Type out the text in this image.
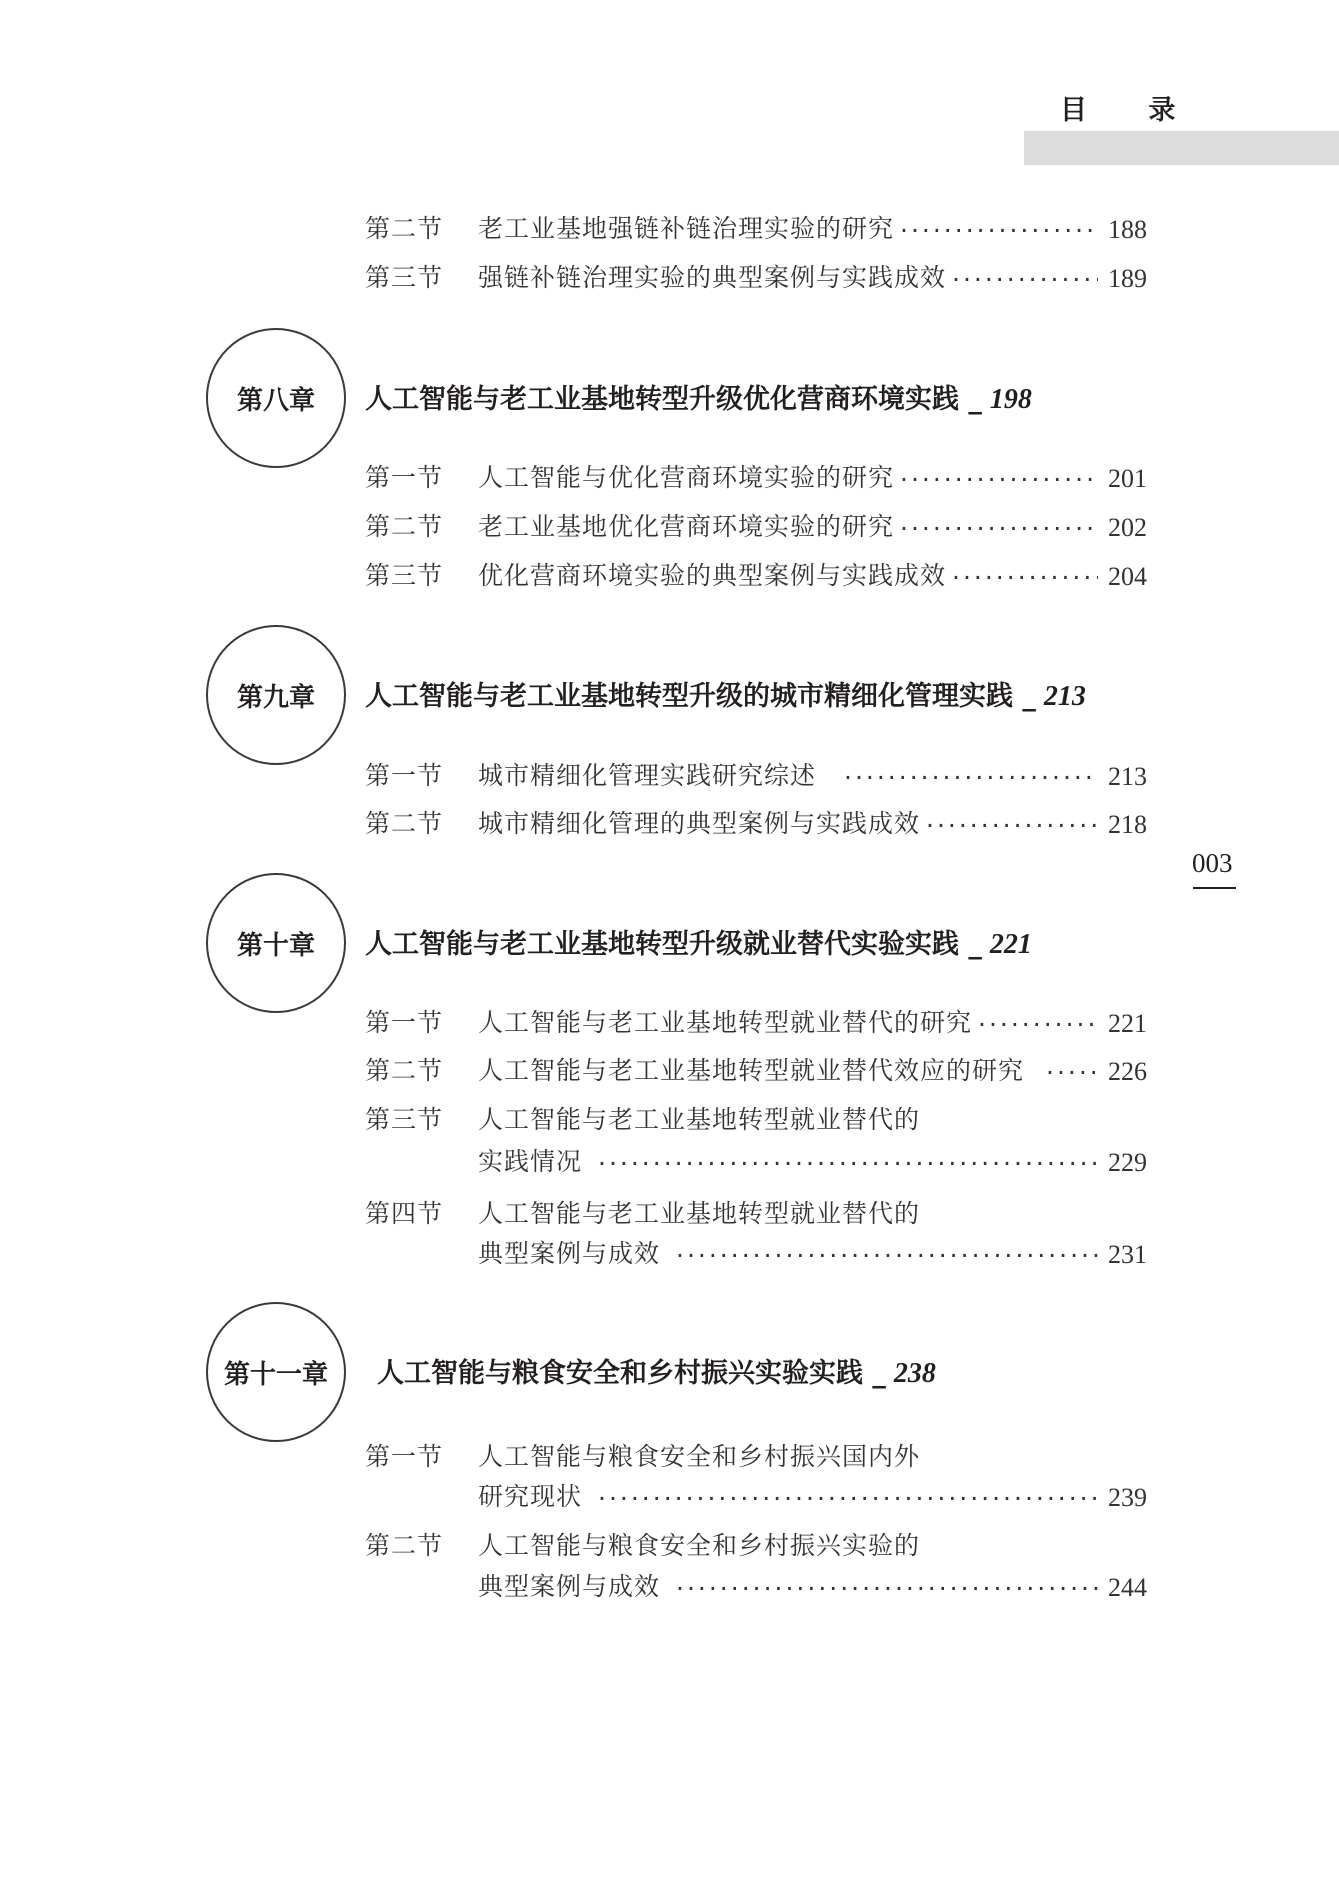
目 录
003
第二节	老工业基地强链补链治理实验的研究 ·····	188
第三节	强链补链治理实验的典型案例与实践成效 ·····	189
第八章	人工智能与老工业基地转型升级优化营商环境实践 _ 198
第一节	人工智能与优化营商环境实验的研究 ·····	201
第二节	老工业基地优化营商环境实验的研究 ·····	202
第三节	优化营商环境实验的典型案例与实践成效 ·····	204
第九章	人工智能与老工业基地转型升级的城市精细化管理实践 _ 213
第一节	城市精细化管理实践研究综述 ·····	213
第二节	城市精细化管理的典型案例与实践成效 ·····	218
第十章	人工智能与老工业基地转型升级就业替代实验实践 _ 221
第一节	人工智能与老工业基地转型就业替代的研究 ·····	221
第二节	人工智能与老工业基地转型就业替代效应的研究 ·····	226
第三节	人工智能与老工业基地转型就业替代的
实践情况 ·····	229
第四节	人工智能与老工业基地转型就业替代的
典型案例与成效 ·····	231
第十一章	人工智能与粮食安全和乡村振兴实验实践 _ 238
第一节	人工智能与粮食安全和乡村振兴国内外
研究现状 ·····	239
第二节	人工智能与粮食安全和乡村振兴实验的
典型案例与成效 ·····	244
